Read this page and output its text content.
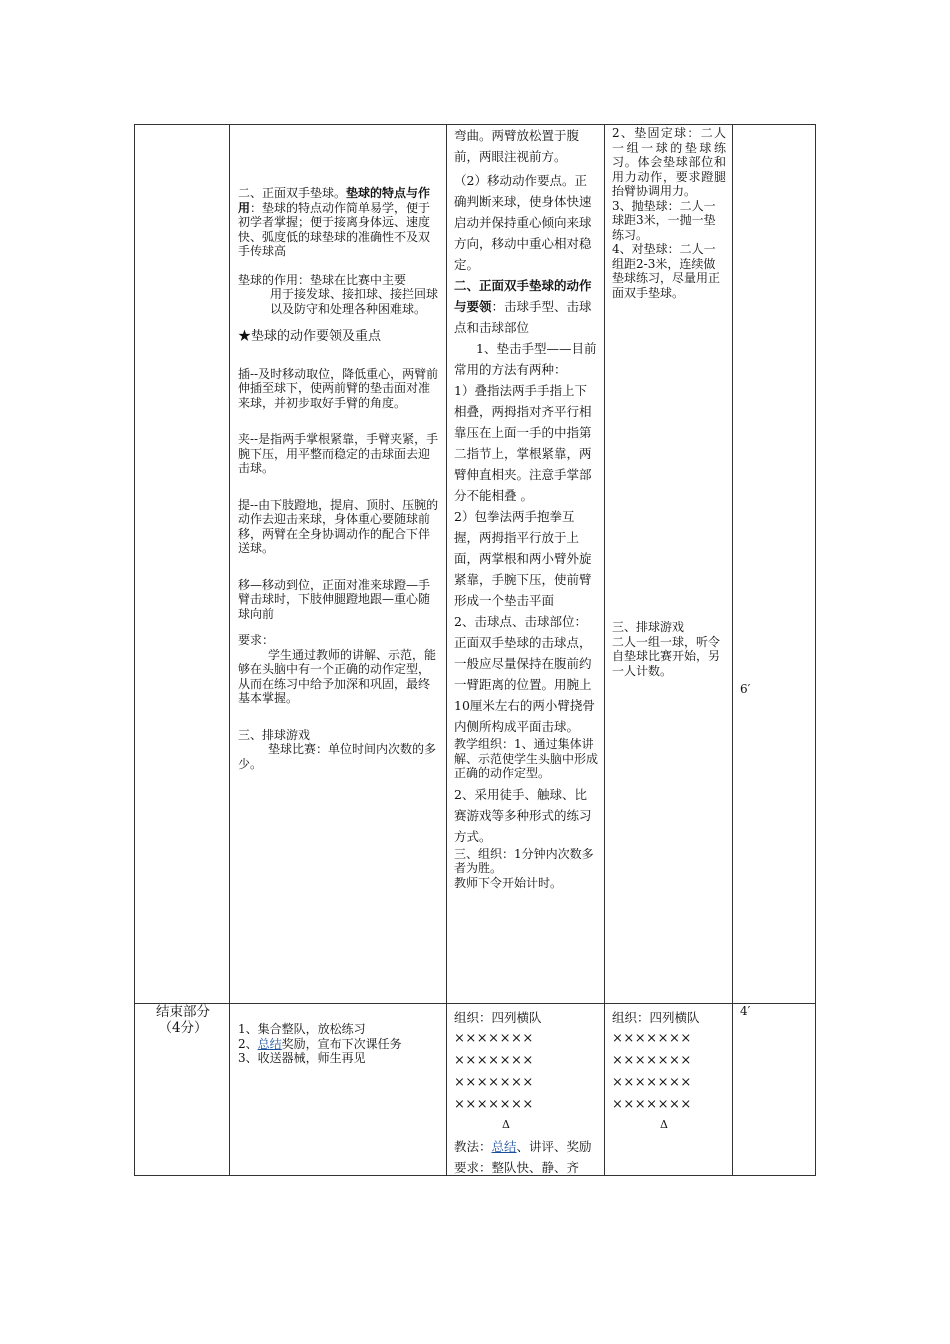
二、正面双手垫球。垫球的特点与作用：垫球的特点动作简单易学，便于初学者掌握；便于接离身体远、速度快、弧度低的球垫球的准确性不及双手传球高

垫球的作用：垫球在比赛中主要

用于接发球、接扣球、接拦回球以及防守和处理各种困难球。

★垫球的动作要领及重点

插--及时移动取位，降低重心，两臂前伸插至球下，使两前臂的垫击面对准来球，并初步取好手臂的角度。

夹--是指两手掌根紧靠，手臂夹紧，手腕下压，用平整而稳定的击球面去迎击球。

提--由下肢蹬地，提肩、顶肘、压腕的动作去迎击来球，身体重心要随球前移，两臂在全身协调动作的配合下伴送球。

移—移动到位，正面对准来球蹬—手臂击球时，下肢伸腿蹬地跟—重心随球向前

要求：

学生通过教师的讲解、示范，能够在头脑中有一个正确的动作定型，从而在练习中给予加深和巩固，最终基本掌握。

三、排球游戏

垫球比赛：单位时间内次数的多少。

弯曲。两臂放松置于腹前，两眼注视前方。

（2）移动动作要点。正确判断来球，使身体快速启动并保持重心倾向来球方向，移动中重心相对稳定。

二、正面双手垫球的动作与要领：击球手型、击球点和击球部位

1、垫击手型——目前常用的方法有两种：

1）叠指法两手手指上下相叠，两拇指对齐平行相靠压在上面一手的中指第二指节上，掌根紧靠，两臂伸直相夹。注意手掌部分不能相叠 。

2）包拳法两手抱拳互握，两拇指平行放于上面，两掌根和两小臂外旋紧靠，手腕下压，使前臂形成一个垫击平面

2、击球点、击球部位：正面双手垫球的击球点，一般应尽量保持在腹前约一臂距离的位置。用腕上10厘米左右的两小臂挠骨内侧所构成平面击球。

教学组织：1、通过集体讲解、示范使学生头脑中形成正确的动作定型。

2、采用徒手、触球、比赛游戏等多种形式的练习方式。

三、组织：1分钟内次数多者为胜。

教师下令开始计时。

2、垫固定球：二人一组一球的垫球练习。体会垫球部位和用力动作，要求蹬腿抬臂协调用力。

3、抛垫球：二人一球距3米，一抛一垫练习。

4、对垫球：二人一组距2-3米，连续做垫球练习，尽量用正面双手垫球。

三、排球游戏

二人一组一球，听令自垫球比赛开始，另一人计数。

6′

结束部分

（4分）	1、集合整队，放松练习

2、总结奖励，宣布下次课任务

3、收送器械，师生再见

组织：四列横队

×××××××

×××××××

×××××××

×××××××

Δ

教法：总结、讲评、奖励

要求：整队快、静、齐

组织：四列横队

×××××××

×××××××

×××××××

×××××××

Δ

4′
